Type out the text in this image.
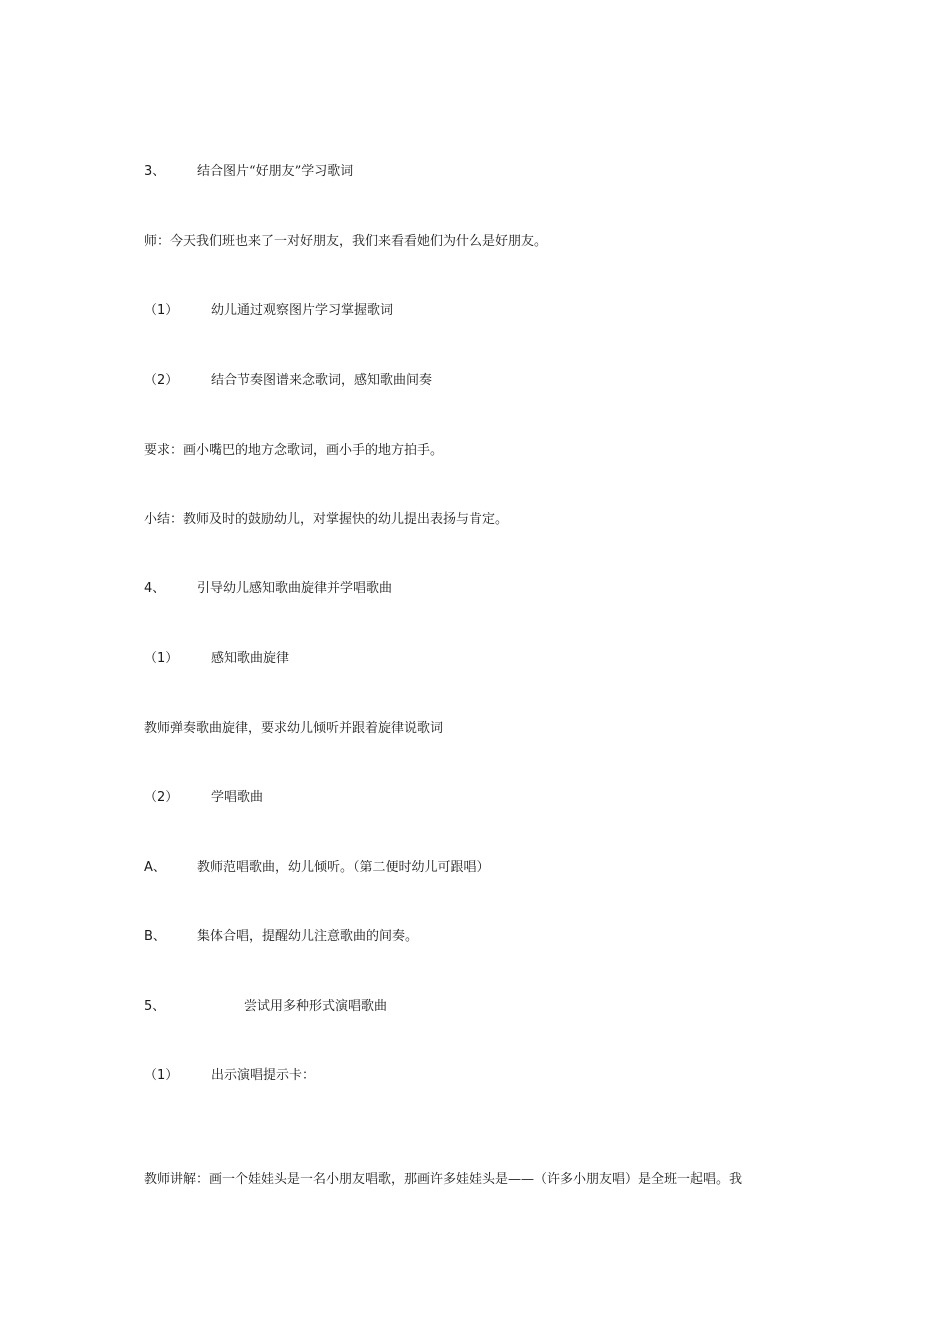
3、 结合图片“好朋友”学习歌词
师：今天我们班也来了一对好朋友，我们来看看她们为什么是好朋友。
（1）	幼儿通过观察图片学习掌握歌词
（2）	结合节奏图谱来念歌词，感知歌曲间奏
要求：画小嘴巴的地方念歌词，画小手的地方拍手。
小结：教师及时的鼓励幼儿，对掌握快的幼儿提出表扬与肯定。
4、 引导幼儿感知歌曲旋律并学唱歌曲
（1）	感知歌曲旋律
教师弹奏歌曲旋律，要求幼儿倾听并跟着旋律说歌词
（2）	学唱歌曲
A、 教师范唱歌曲，幼儿倾听。（第二便时幼儿可跟唱）
B、 集体合唱，提醒幼儿注意歌曲的间奏。
5、	尝试用多种形式演唱歌曲
（1）	出示演唱提示卡：
教师讲解：画一个娃娃头是一名小朋友唱歌，那画许多娃娃头是——（许多小朋友唱）是全班一起唱。我
